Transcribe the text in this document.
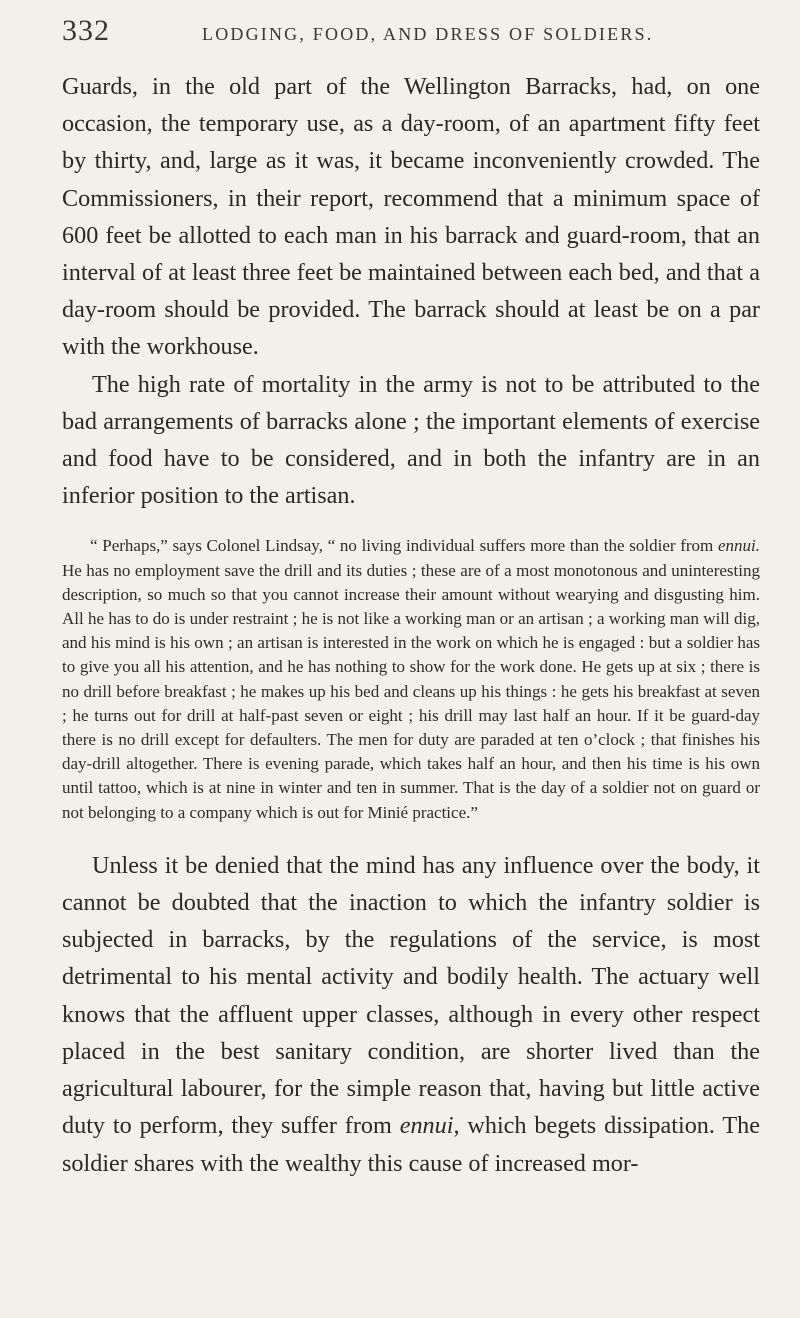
332	LODGING, FOOD, AND DRESS OF SOLDIERS.

Guards, in the old part of the Wellington Barracks, had, on one occasion, the temporary use, as a day-room, of an apartment fifty feet by thirty, and, large as it was, it became inconveniently crowded. The Commissioners, in their report, recommend that a minimum space of 600 feet be allotted to each man in his barrack and guard-room, that an interval of at least three feet be maintained between each bed, and that a day-room should be provided. The barrack should at least be on a par with the workhouse.

The high rate of mortality in the army is not to be attributed to the bad arrangements of barracks alone ; the important elements of exercise and food have to be considered, and in both the infantry are in an inferior position to the artisan.

“ Perhaps,” says Colonel Lindsay, “ no living individual suffers more than the soldier from ennui. He has no employment save the drill and its duties ; these are of a most monotonous and uninteresting description, so much so that you cannot increase their amount without wearying and disgusting him. All he has to do is under restraint ; he is not like a working man or an artisan ; a working man will dig, and his mind is his own ; an artisan is interested in the work on which he is engaged : but a soldier has to give you all his attention, and he has nothing to show for the work done. He gets up at six ; there is no drill before breakfast ; he makes up his bed and cleans up his things : he gets his breakfast at seven ; he turns out for drill at half-past seven or eight ; his drill may last half an hour. If it be guard-day there is no drill except for defaulters. The men for duty are paraded at ten o’clock ; that finishes his day-drill altogether. There is evening parade, which takes half an hour, and then his time is his own until tattoo, which is at nine in winter and ten in summer. That is the day of a soldier not on guard or not belonging to a company which is out for Minié practice.”

Unless it be denied that the mind has any influence over the body, it cannot be doubted that the inaction to which the infantry soldier is subjected in barracks, by the regulations of the service, is most detrimental to his mental activity and bodily health. The actuary well knows that the affluent upper classes, although in every other respect placed in the best sanitary condition, are shorter lived than the agricultural labourer, for the simple reason that, having but little active duty to perform, they suffer from ennui, which begets dissipation. The soldier shares with the wealthy this cause of increased mor-
